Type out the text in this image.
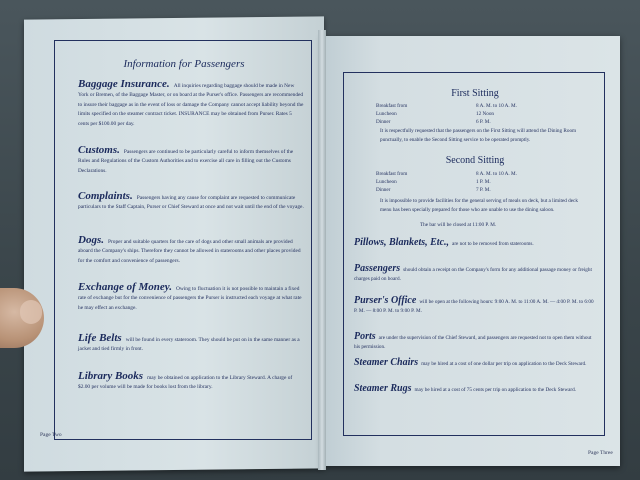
Information for Passengers
Baggage Insurance. All inquiries regarding baggage should be made in New York or Bremen, of the Baggage Master, or on board at the Purser's office. Passengers are recommended to insure their baggage as in the event of loss or damage the Company cannot accept liability beyond the limits specified on the steamer contract ticket. INSURANCE may be obtained from Purser. Rates 5 cents per $100.00 per day.
Customs. Passengers are continued to be particularly careful to inform themselves of the Rules and Regulations of the Custom Authorities and to exercise all care in filling out the Customs Declarations.
Complaints. Passengers having any cause for complaint are requested to communicate particulars to the Staff Captain, Purser or Chief Steward at once and not wait until the end of the voyage.
Dogs. Proper and suitable quarters for the care of dogs and other small animals are provided aboard the Company's ships. Therefore they cannot be allowed in staterooms and other places provided for the comfort and convenience of passengers.
Exchange of Money. Owing to fluctuation it is not possible to maintain a fixed rate of exchange but for the convenience of passengers the Purser is instructed each voyage at what rate he may effect an exchange.
Life Belts will be found in every stateroom. They should be put on in the same manner as a jacket and tied firmly in front.
Library Books may be obtained on application to the Library Steward. A charge of $2.00 per volume will be made for books lost from the library.
Page Two
First Sitting
Breakfast from	8 A. M. to 10 A. M.
Luncheon	12 Noon
Dinner	6 P. M.
It is respectfully requested that the passengers on the First Sitting will attend the Dining Room punctually, to enable the Second Sitting service to be operated promptly.
Second Sitting
Breakfast from	8 A. M. to 10 A. M.
Luncheon	1 P. M.
Dinner	7 P. M.
It is impossible to provide facilities for the general serving of meals on deck, but a limited deck menu has been specially prepared for those who are unable to use the dining saloon.
The bar will be closed at 11:00 P. M.
Pillows, Blankets, Etc., are not to be removed from staterooms.
Passengers should obtain a receipt on the Company's form for any additional passage money or freight charges paid on board.
Purser's Office will be open at the following hours: 9:00 A. M. to 11:00 A. M. — 4:00 P. M. to 6:00 P. M. — 8:00 P. M. to 9:00 P. M.
Ports are under the supervision of the Chief Steward, and passengers are requested not to open them without his permission.
Steamer Chairs may be hired at a cost of one dollar per trip on application to the Deck Steward.
Steamer Rugs may be hired at a cost of 75 cents per trip on application to the Deck Steward.
Page Three
